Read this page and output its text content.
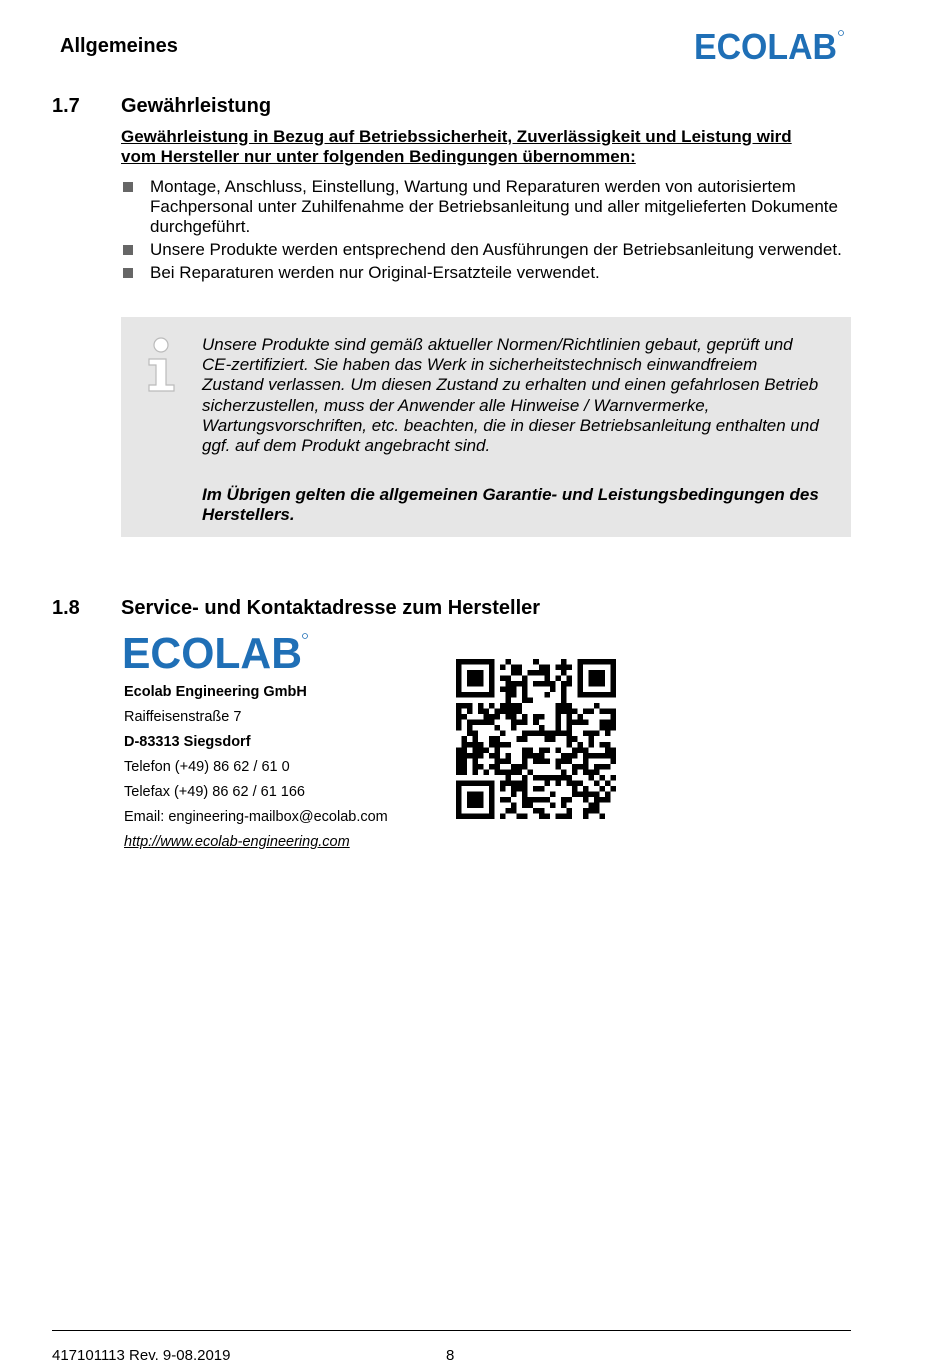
Allgemeines	ECOLAB
1.7 Gewährleistung
Gewährleistung in Bezug auf Betriebssicherheit, Zuverlässigkeit und Leistung wird
vom Hersteller nur unter folgenden Bedingungen übernommen:
Montage, Anschluss, Einstellung, Wartung und Reparaturen werden von autorisiertem Fachpersonal unter Zuhilfenahme der Betriebsanleitung und aller mitgelieferten Dokumente durchgeführt.
Unsere Produkte werden entsprechend den Ausführungen der Betriebsanleitung verwendet.
Bei Reparaturen werden nur Original-Ersatzteile verwendet.
Unsere Produkte sind gemäß aktueller Normen/Richtlinien gebaut, geprüft und CE-zertifiziert. Sie haben das Werk in sicherheitstechnisch einwandfreiem Zustand verlassen. Um diesen Zustand zu erhalten und einen gefahrlosen Betrieb sicherzustellen, muss der Anwender alle Hinweise / Warnvermerke, Wartungsvorschriften, etc. beachten, die in dieser Betriebsanleitung enthalten und ggf. auf dem Produkt angebracht sind.
Im Übrigen gelten die allgemeinen Garantie- und Leistungsbedingungen des Herstellers.
1.8 Service- und Kontaktadresse zum Hersteller
ECOLAB
Ecolab Engineering GmbH
Raiffeisenstraße 7
D-83313 Siegsdorf
Telefon (+49) 86 62 / 61 0
Telefax (+49) 86 62 / 61 166
Email: engineering-mailbox@ecolab.com
http://www.ecolab-engineering.com
417101113 Rev. 9-08.2019	8
